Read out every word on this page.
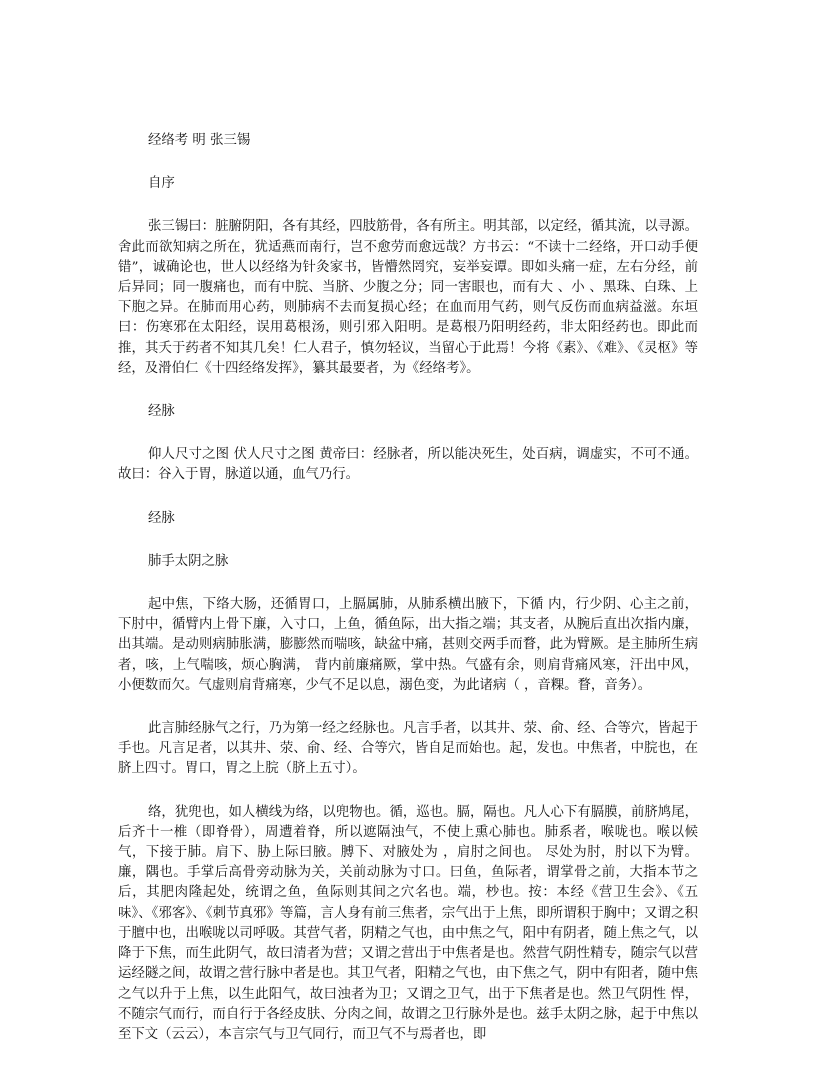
经络考 明 张三锡

自序

张三锡曰：脏腑阴阳，各有其经，四肢筋骨，各有所主。明其部，以定经，循其流，以寻源。舍此而欲知病之所在，犹适燕而南行，岂不愈劳而愈远哉？方书云：“不读十二经络，开口动手便错”，诚确论也，世人以经络为针灸家书，皆懵然罔究，妄举妄谭。即如头痛一症，左右分经，前后异同；同一腹痛也，而有中脘、当脐、少腹之分；同一害眼也，而有大 、小 、黑珠、白珠、上下胞之异。在肺而用心药，则肺病不去而复损心经；在血而用气药，则气反伤而血病益滋。东垣曰：伤寒邪在太阳经，误用葛根汤，则引邪入阳明。是葛根乃阳明经药，非太阳经药也。即此而推，其夭于药者不知其几矣！仁人君子，慎勿轻议，当留心于此焉！今将《素》、《难》、《灵枢》等经，及滑伯仁《十四经络发挥》，纂其最要者，为《经络考》。

经脉

仰人尺寸之图 伏人尺寸之图 黄帝曰：经脉者，所以能决死生，处百病，调虚实，不可不通。故曰：谷入于胃，脉道以通，血气乃行。

经脉

肺手太阴之脉

起中焦，下络大肠，还循胃口，上膈属肺，从肺系横出腋下，下循 内，行少阴、心主之前，下肘中，循臂内上骨下廉，入寸口，上鱼，循鱼际，出大指之端；其支者，从腕后直出次指内廉，出其端。是动则病肺胀满，膨膨然而喘咳，缺盆中痛，甚则交两手而瞀，此为臂厥。是主肺所生病者，咳，上气喘咳，烦心胸满， 背内前廉痛厥，掌中热。气盛有余，则肩背痛风寒，汗出中风，小便数而欠。气虚则肩背痛寒，少气不足以息，溺色变，为此诸病（ ，音粿。瞀，音务）。

此言肺经脉气之行，乃为第一经之经脉也。凡言手者，以其井、荥、俞、经、合等穴，皆起于手也。凡言足者，以其井、荥、俞、经、合等穴，皆自足而始也。起，发也。中焦者，中脘也，在脐上四寸。胃口，胃之上脘（脐上五寸）。

络，犹兜也，如人横线为络，以兜物也。循，巡也。膈，隔也。凡人心下有膈膜，前脐鸠尾，后齐十一椎（即脊骨），周遭着脊，所以遮隔浊气，不使上熏心肺也。肺系者，喉咙也。喉以候气，下接于肺。肩下、胁上际曰腋。膊下、对腋处为 ，肩肘之间也。 尽处为肘，肘以下为臂。廉，隅也。手掌后高骨旁动脉为关，关前动脉为寸口。曰鱼，鱼际者，谓掌骨之前，大指本节之后，其肥肉隆起处，统谓之鱼，鱼际则其间之穴名也。端，杪也。按：本经《营卫生会》、《五味》、《邪客》、《刺节真邪》等篇，言人身有前三焦者，宗气出于上焦，即所谓积于胸中；又谓之积于膻中也，出喉咙以司呼吸。其营气者，阴精之气也，由中焦之气，阳中有阴者，随上焦之气，以降于下焦，而生此阴气，故曰清者为营；又谓之营出于中焦者是也。然营气阴性精专，随宗气以营运经隧之间，故谓之营行脉中者是也。其卫气者，阳精之气也，由下焦之气，阴中有阳者，随中焦之气以升于上焦，以生此阳气，故曰浊者为卫；又谓之卫气，出于下焦者是也。然卫气阴性 悍，不随宗气而行，而自行于各经皮肤、分肉之间，故谓之卫行脉外是也。兹手太阴之脉，起于中焦以至下文（云云），本言宗气与卫气同行，而卫气不与焉者也，即
